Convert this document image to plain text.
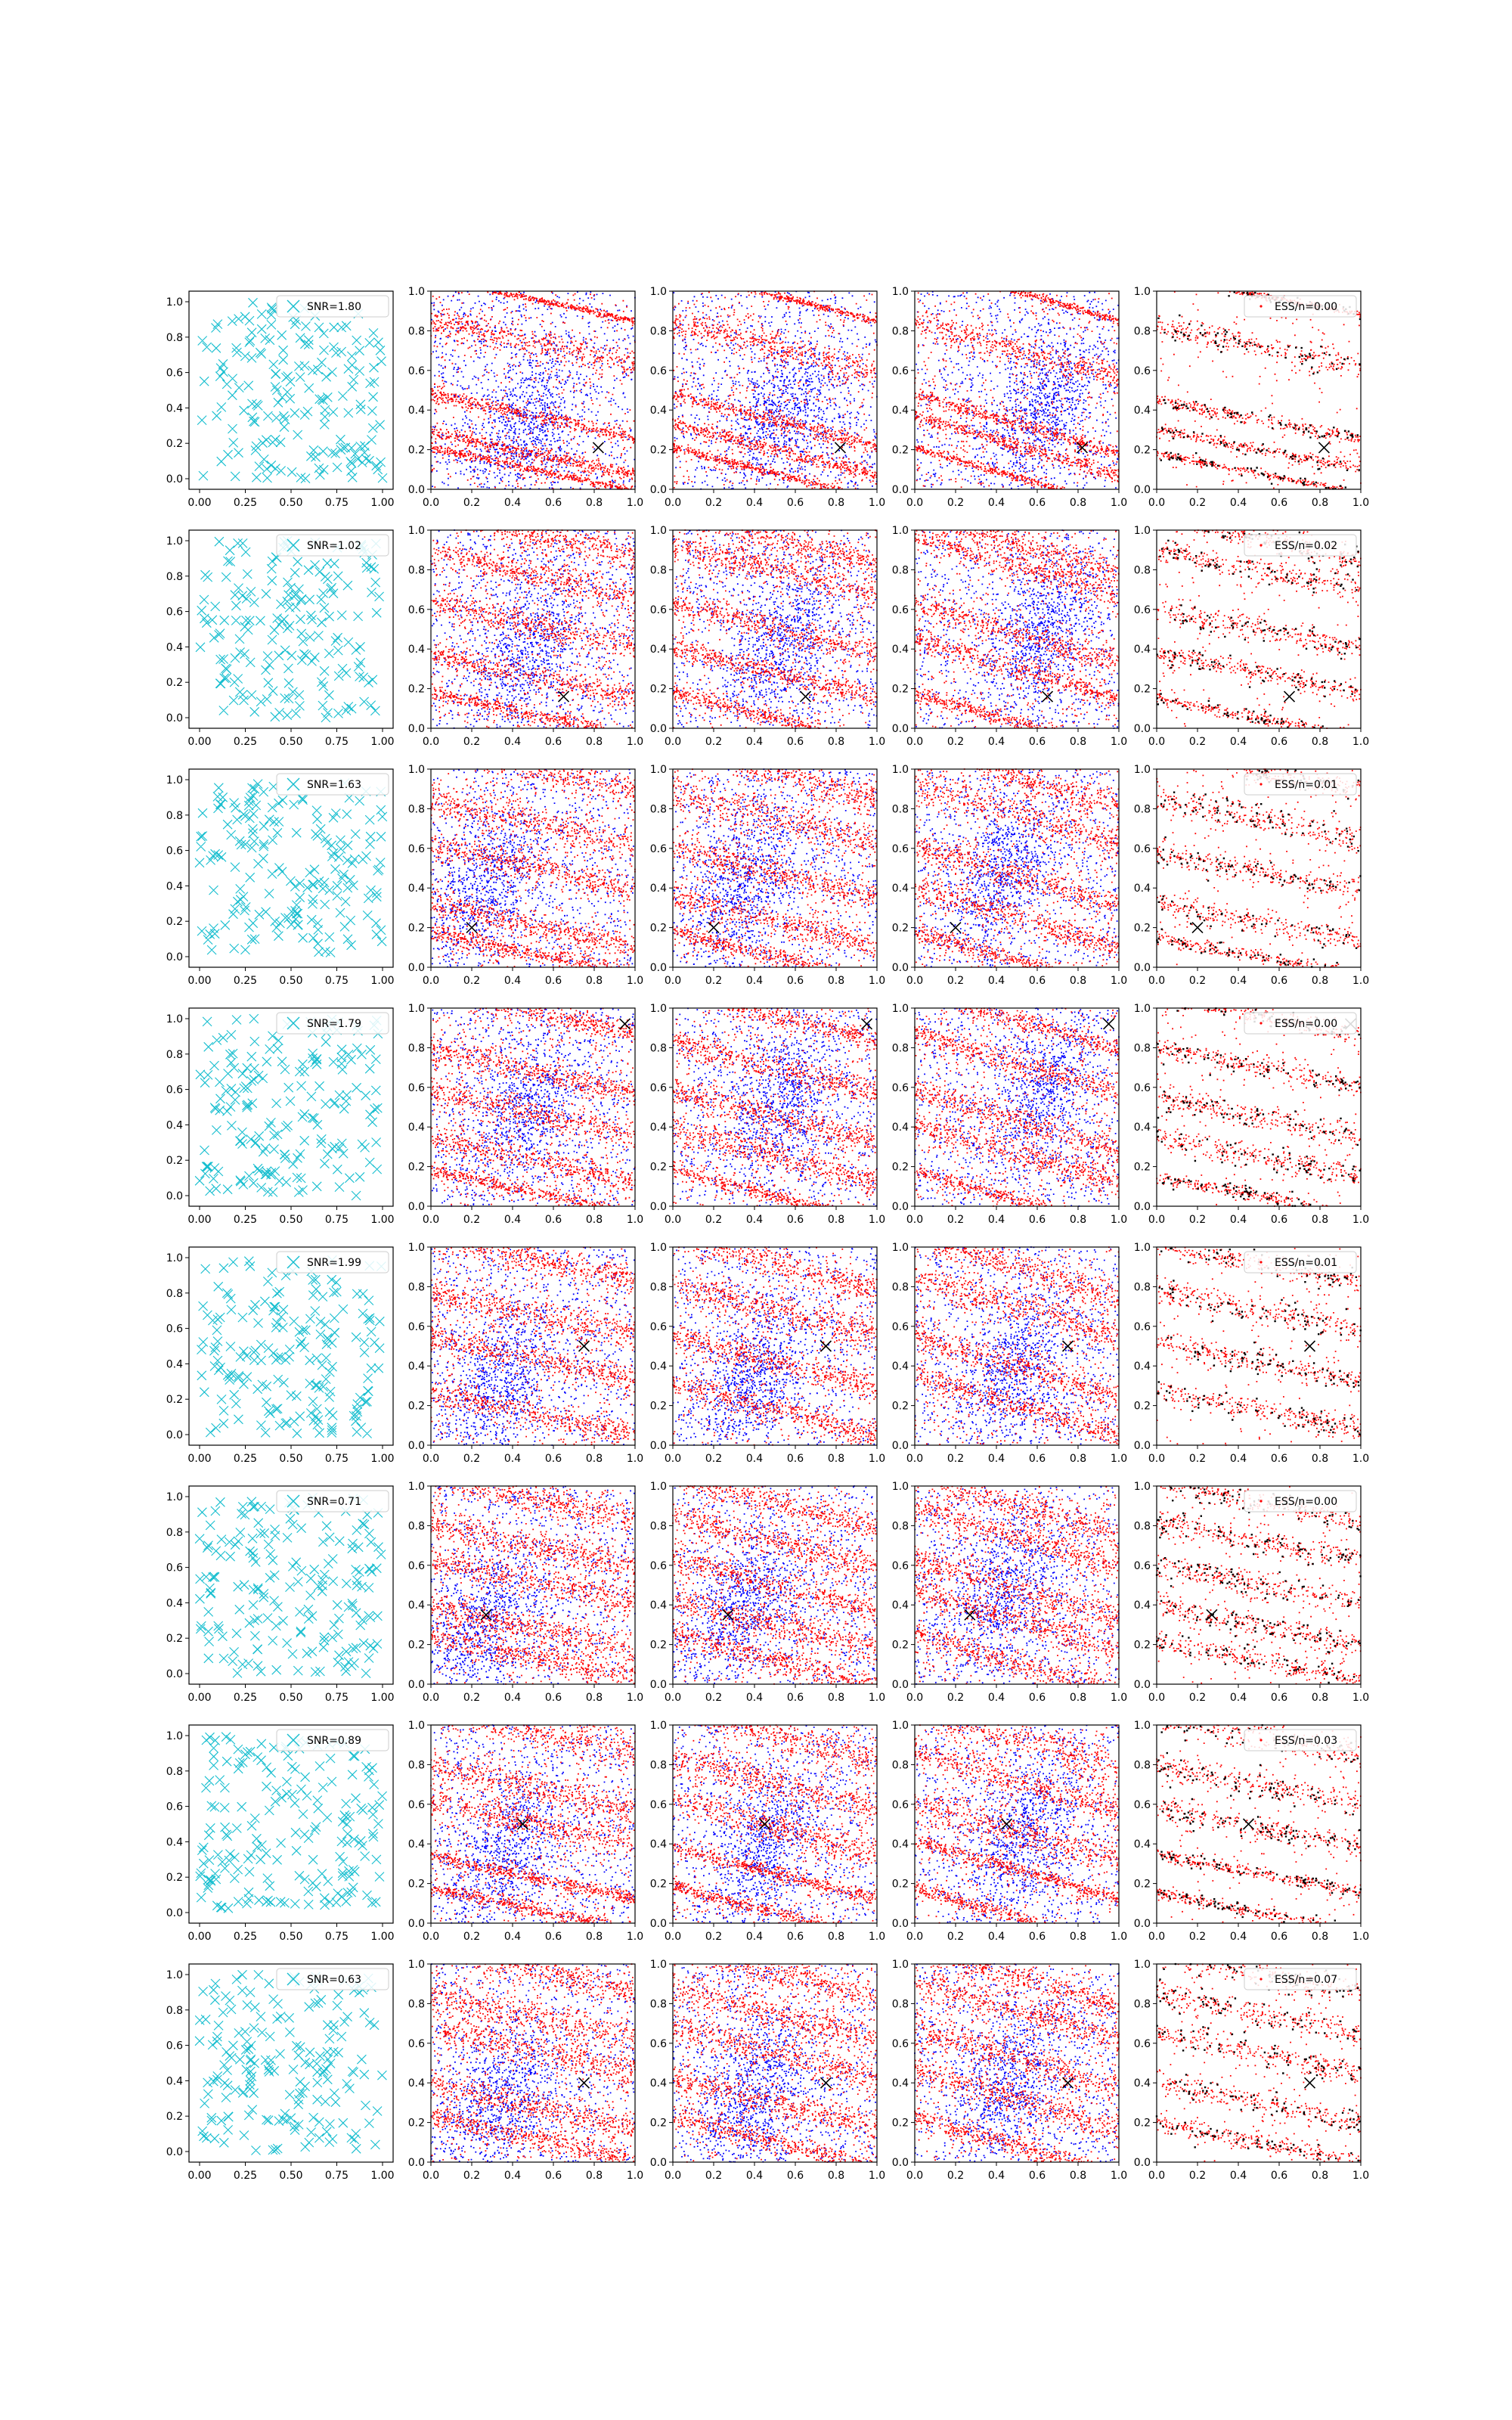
0.0
0.2
0.4
0.6
0.8
1.0
0.00 0.25 0.50 0.75 1.00
SNR=1.80
0.0
0.2
0.4
0.6
0.8
1.0
0.0 0.2 0.4 0.6 0.8 1.0
0.0
0.2
0.4
0.6
0.8
1.0
0.0 0.2 0.4 0.6 0.8 1.0
0.0
0.2
0.4
0.6
0.8
1.0
0.0 0.2 0.4 0.6 0.8 1.0
0.0
0.2
0.4
0.6
0.8
1.0
0.0 0.2 0.4 0.6 0.8 1.0
ESS/n=0.00
0.0
0.2
0.4
0.6
0.8
1.0
0.00 0.25 0.50 0.75 1.00
SNR=1.02
0.0
0.2
0.4
0.6
0.8
1.0
0.0 0.2 0.4 0.6 0.8 1.0
0.0
0.2
0.4
0.6
0.8
1.0
0.0 0.2 0.4 0.6 0.8 1.0
0.0
0.2
0.4
0.6
0.8
1.0
0.0 0.2 0.4 0.6 0.8 1.0
0.0
0.2
0.4
0.6
0.8
1.0
0.0 0.2 0.4 0.6 0.8 1.0
ESS/n=0.02
0.0
0.2
0.4
0.6
0.8
1.0
0.00 0.25 0.50 0.75 1.00
SNR=1.63
0.0
0.2
0.4
0.6
0.8
1.0
0.0 0.2 0.4 0.6 0.8 1.0
0.0
0.2
0.4
0.6
0.8
1.0
0.0 0.2 0.4 0.6 0.8 1.0
0.0
0.2
0.4
0.6
0.8
1.0
0.0 0.2 0.4 0.6 0.8 1.0
0.0
0.2
0.4
0.6
0.8
1.0
0.0 0.2 0.4 0.6 0.8 1.0
ESS/n=0.01
0.0
0.2
0.4
0.6
0.8
1.0
0.00 0.25 0.50 0.75 1.00
SNR=1.79
0.0
0.2
0.4
0.6
0.8
1.0
0.0 0.2 0.4 0.6 0.8 1.0
0.0
0.2
0.4
0.6
0.8
1.0
0.0 0.2 0.4 0.6 0.8 1.0
0.0
0.2
0.4
0.6
0.8
1.0
0.0 0.2 0.4 0.6 0.8 1.0
0.0
0.2
0.4
0.6
0.8
1.0
0.0 0.2 0.4 0.6 0.8 1.0
ESS/n=0.00
0.0
0.2
0.4
0.6
0.8
1.0
0.00 0.25 0.50 0.75 1.00
SNR=1.99
0.0
0.2
0.4
0.6
0.8
1.0
0.0 0.2 0.4 0.6 0.8 1.0
0.0
0.2
0.4
0.6
0.8
1.0
0.0 0.2 0.4 0.6 0.8 1.0
0.0
0.2
0.4
0.6
0.8
1.0
0.0 0.2 0.4 0.6 0.8 1.0
0.0
0.2
0.4
0.6
0.8
1.0
0.0 0.2 0.4 0.6 0.8 1.0
ESS/n=0.01
0.0
0.2
0.4
0.6
0.8
1.0
0.00 0.25 0.50 0.75 1.00
SNR=0.71
0.0
0.2
0.4
0.6
0.8
1.0
0.0 0.2 0.4 0.6 0.8 1.0
0.0
0.2
0.4
0.6
0.8
1.0
0.0 0.2 0.4 0.6 0.8 1.0
0.0
0.2
0.4
0.6
0.8
1.0
0.0 0.2 0.4 0.6 0.8 1.0
0.0
0.2
0.4
0.6
0.8
1.0
0.0 0.2 0.4 0.6 0.8 1.0
ESS/n=0.00
0.0
0.2
0.4
0.6
0.8
1.0
0.00 0.25 0.50 0.75 1.00
SNR=0.89
0.0
0.2
0.4
0.6
0.8
1.0
0.0 0.2 0.4 0.6 0.8 1.0
0.0
0.2
0.4
0.6
0.8
1.0
0.0 0.2 0.4 0.6 0.8 1.0
0.0
0.2
0.4
0.6
0.8
1.0
0.0 0.2 0.4 0.6 0.8 1.0
0.0
0.2
0.4
0.6
0.8
1.0
0.0 0.2 0.4 0.6 0.8 1.0
ESS/n=0.03
0.0
0.2
0.4
0.6
0.8
1.0
0.00 0.25 0.50 0.75 1.00
SNR=0.63
0.0
0.2
0.4
0.6
0.8
1.0
0.0 0.2 0.4 0.6 0.8 1.0
0.0
0.2
0.4
0.6
0.8
1.0
0.0 0.2 0.4 0.6 0.8 1.0
0.0
0.2
0.4
0.6
0.8
1.0
0.0 0.2 0.4 0.6 0.8 1.0
0.0
0.2
0.4
0.6
0.8
1.0
0.0 0.2 0.4 0.6 0.8 1.0
ESS/n=0.07
